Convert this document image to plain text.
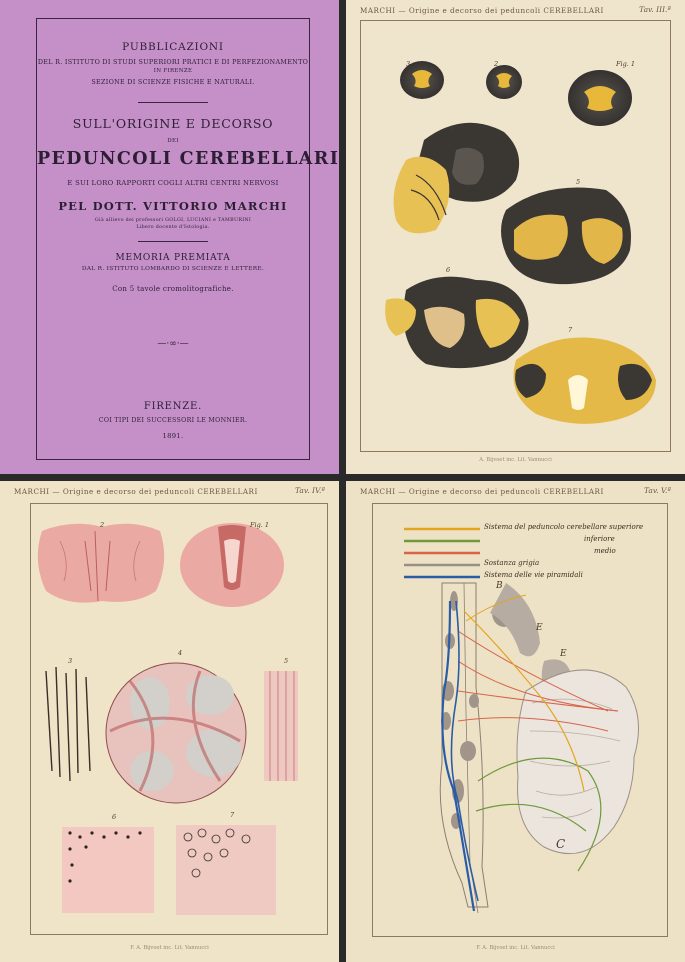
PUBBLICAZIONI
DEL R. ISTITUTO DI STUDI SUPERIORI PRATICI E DI PERFEZIONAMENTO
IN FIRENZE
SEZIONE DI SCIENZE FISICHE E NATURALI.
SULL'ORIGINE E DECORSO
DEI
PEDUNCOLI CEREBELLARI
E SUI LORO RAPPORTI COGLI ALTRI CENTRI NERVOSI
PEL DOTT. VITTORIO MARCHI
Già allievo dei professori GOLGI, LUCIANI e TAMBURINI
Libero docente d'Istologia.
MEMORIA PREMIATA
DAL R. ISTITUTO LOMBARDO DI SCIENZE E LETTERE.
Con 5 tavole cromolitografiche.
—·∞·—
FIRENZE.
COI TIPI DEI SUCCESSORI LE MONNIER.
1891.
MARCHI — Origine e decorso dei peduncoli CEREBELLARI	Tav. III.ª
Fig. 1
2
3
4
5
6
7
A. Bijvoet inc. Lit. Vannucci
MARCHI — Origine e decorso dei peduncoli CEREBELLARI	Tav. IV.ª
Fig. 1
2
3
4
5
6	7
F. A. Bijvoet inc. Lit. Vannucci
MARCHI — Origine e decorso dei peduncoli CEREBELLARI	Tav. V.ª
Sistema del peduncolo cerebellare superiore
inferiore
medio
Sostanza grigia
Sistema delle vie piramidali
B
E
E
C
F. A. Bijvoet inc. Lit. Vannucci
